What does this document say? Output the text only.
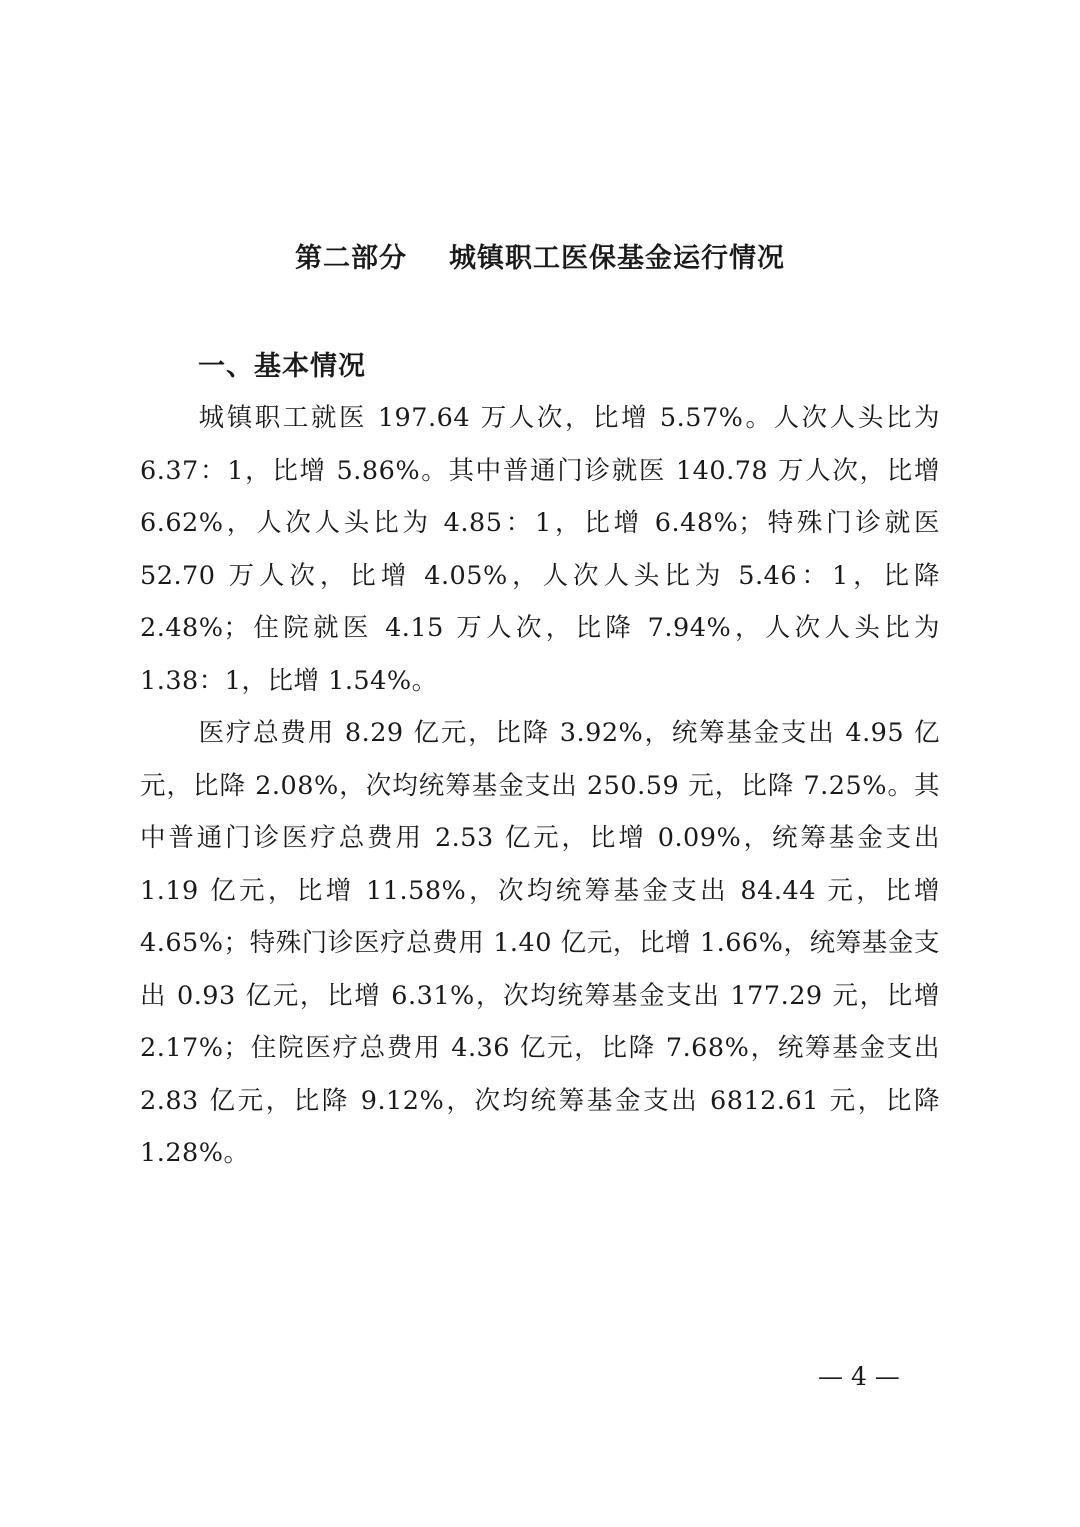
第二部分 城镇职工医保基金运行情况
一、基本情况

城镇职工就医 197.64 万人次，比增 5.57%。人次人头比为 6.37：1，比增 5.86%。其中普通门诊就医 140.78 万人次，比增 6.62%，人次人头比为 4.85：1，比增 6.48%；特殊门诊就医 52.70 万人次，比增 4.05%，人次人头比为 5.46：1，比降 2.48%；住院就医 4.15 万人次，比降 7.94%，人次人头比为 1.38：1，比增 1.54%。

医疗总费用 8.29 亿元，比降 3.92%，统筹基金支出 4.95 亿元，比降 2.08%，次均统筹基金支出 250.59 元，比降 7.25%。其中普通门诊医疗总费用 2.53 亿元，比增 0.09%，统筹基金支出 1.19 亿元，比增 11.58%，次均统筹基金支出 84.44 元，比增 4.65%；特殊门诊医疗总费用 1.40 亿元，比增 1.66%，统筹基金支出 0.93 亿元，比增 6.31%，次均统筹基金支出 177.29 元，比增 2.17%；住院医疗总费用 4.36 亿元，比降 7.68%，统筹基金支出 2.83 亿元，比降 9.12%，次均统筹基金支出 6812.61 元，比降 1.28%。

— 4 —
